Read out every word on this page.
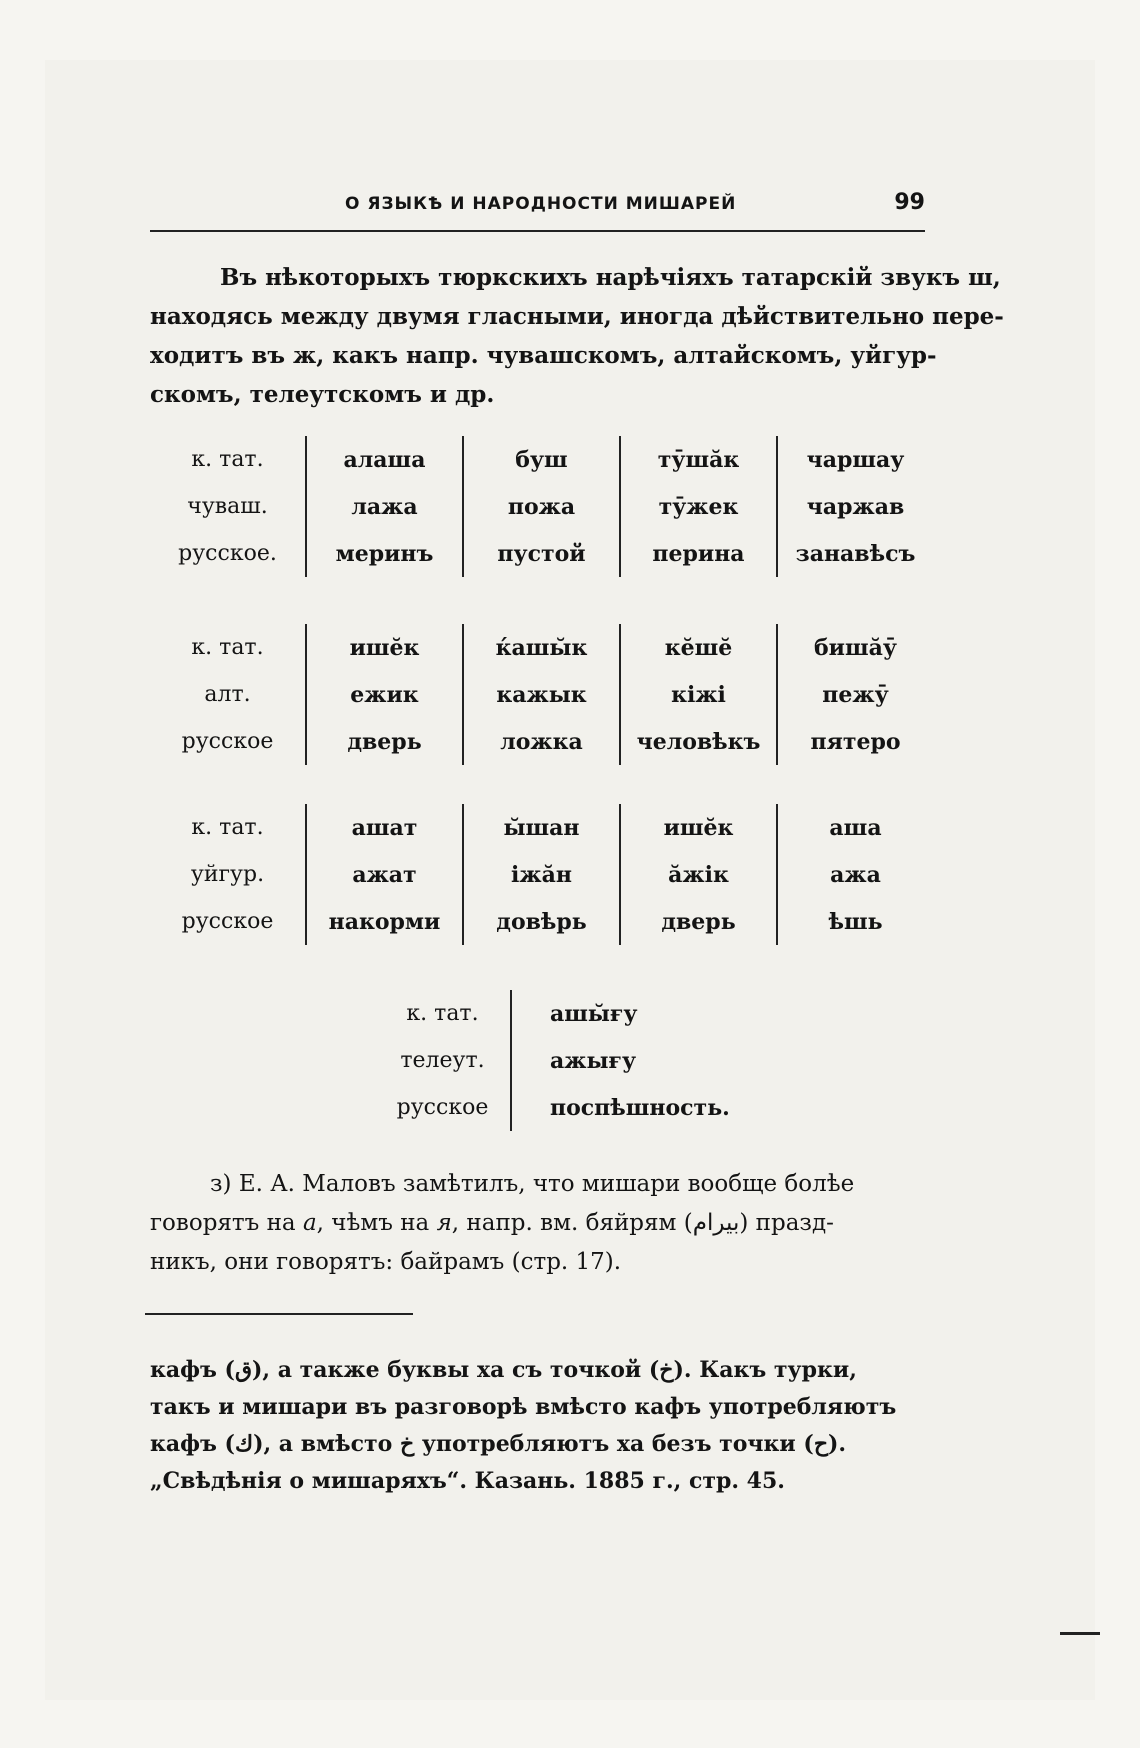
О ЯЗЫКѢ И НАРОДНОСТИ МИШАРЕЙ	99
Въ нѣкоторыхъ тюркскихъ нарѣчіяхъ татарскій звукъ ш,
находясь между двумя гласными, иногда дѣйствительно пере-
ходитъ въ ж, какъ напр. чувашскомъ, алтайскомъ, уйгур-
скомъ, телеутскомъ и др.
к. тат.	алаша	буш	тӯшӑк	чаршау
чуваш.	лажа	пожа	тӯжек	чаржав
русское.	меринъ	пустой	перина	занавѣсъ
к. тат.	ишӗк	ќашы̆к	кӗшӗ	бишӑӯ
алт.	ежик	кажык	кіжі	пежӯ
русское	дверь	ложка	человѣкъ	пятеро
к. тат.	ашат	ы̆шан	ишӗк	аша
уйгур.	ажат	іжӑн	ӑжік	ажа
русское	накорми	довѣрь	дверь	ѣшь
к. тат.	ашы̆ғу
телеут.	ажығу
русское	поспѣшность.
з) Е. А. Маловъ замѣтилъ, что мишари вообще болѣе
говорятъ на а, чѣмъ на я, напр. вм. бяйрям (بیرام) празд-
никъ, они говорятъ: байрамъ (стр. 17).
кафъ (ق), а также буквы ха съ точкой (خ). Какъ турки,
такъ и мишари въ разговорѣ вмѣсто кафъ употребляютъ
кафъ (ك), а вмѣсто خ употребляютъ ха безъ точки (ح).
„Свѣдѣнія о мишаряхъ“. Казань. 1885 г., стр. 45.
